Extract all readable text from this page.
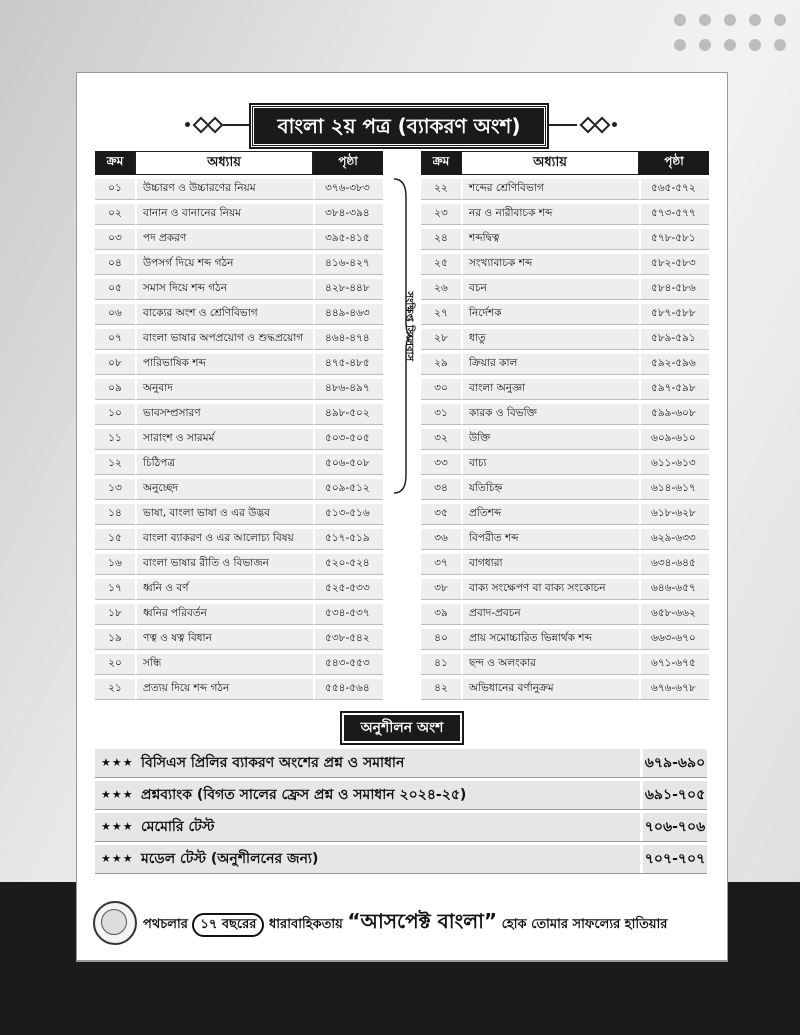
বাংলা ২য় পত্র (ব্যাকরণ অংশ)
ক্রম	অধ্যায়	পৃষ্ঠা
০১	উচ্চারণ ও উচ্চারণের নিয়ম	৩৭৬-৩৮৩
০২	বানান ও বানানের নিয়ম	৩৮৪-৩৯৪
০৩	পদ প্রকরণ	৩৯৫-৪১৫
০৪	উপসর্গ দিয়ে শব্দ গঠন	৪১৬-৪২৭
০৫	সমাস দিয়ে শব্দ গঠন	৪২৮-৪৪৮
০৬	বাক্যের অংশ ও শ্রেণিবিভাগ	৪৪৯-৪৬৩
০৭	বাংলা ভাষার অপপ্রয়োগ ও শুদ্ধপ্রয়োগ	৪৬৪-৪৭৪
০৮	পারিভাষিক শব্দ	৪৭৫-৪৮৫
০৯	অনুবাদ	৪৮৬-৪৯৭
১০	ভাবসম্প্রসারণ	৪৯৮-৫০২
১১	সারাংশ ও সারমর্ম	৫০৩-৫০৫
১২	চিঠিপত্র	৫০৬-৫০৮
১৩	অনুচ্ছেদ	৫০৯-৫১২
১৪	ভাষা, বাংলা ভাষা ও এর উদ্ভব	৫১৩-৫১৬
১৫	বাংলা ব্যাকরণ ও এর আলোচ্য বিষয়	৫১৭-৫১৯
১৬	বাংলা ভাষার রীতি ও বিভাজন	৫২০-৫২৪
১৭	ধ্বনি ও বর্ণ	৫২৫-৫৩৩
১৮	ধ্বনির পরিবর্তন	৫৩৪-৫৩৭
১৯	ণত্ব ও ষত্ব বিধান	৫৩৮-৫৪২
২০	সন্ধি	৫৪৩-৫৫৩
২১	প্রত্যয় দিয়ে শব্দ গঠন	৫৫৪-৫৬৪
সংক্ষিপ্ত সিলেবাস
ক্রম	অধ্যায়	পৃষ্ঠা
২২	শব্দের শ্রেণিবিভাগ	৫৬৫-৫৭২
২৩	নর ও নারীবাচক শব্দ	৫৭৩-৫৭৭
২৪	শব্দদ্বিত্ব	৫৭৮-৫৮১
২৫	সংখ্যাবাচক শব্দ	৫৮২-৫৮৩
২৬	বচন	৫৮৪-৫৮৬
২৭	নির্দেশক	৫৮৭-৫৮৮
২৮	ধাতু	৫৮৯-৫৯১
২৯	ক্রিয়ার কাল	৫৯২-৫৯৬
৩০	বাংলা অনুজ্ঞা	৫৯৭-৫৯৮
৩১	কারক ও বিভক্তি	৫৯৯-৬০৮
৩২	উক্তি	৬০৯-৬১০
৩৩	বাচ্য	৬১১-৬১৩
৩৪	যতিচিহ্ন	৬১৪-৬১৭
৩৫	প্রতিশব্দ	৬১৮-৬২৮
৩৬	বিপরীত শব্দ	৬২৯-৬৩৩
৩৭	বাগধারা	৬৩৪-৬৪৫
৩৮	বাক্য সংক্ষেপণ বা বাক্য সংকোচন	৬৪৬-৬৫৭
৩৯	প্রবাদ-প্রবচন	৬৫৮-৬৬২
৪০	প্রায় সমোচ্চারিত ভিন্নার্থক শব্দ	৬৬৩-৬৭০
৪১	ছন্দ ও অলংকার	৬৭১-৬৭৫
৪২	অভিধানের বর্ণানুক্রম	৬৭৬-৬৭৮
অনুশীলন অংশ
★★★ বিসিএস প্রিলির ব্যাকরণ অংশের প্রশ্ন ও সমাধান	৬৭৯-৬৯০
★★★ প্রশ্নব্যাংক (বিগত সালের ফ্রেস প্রশ্ন ও সমাধান ২০২৪-২৫)	৬৯১-৭০৫
★★★ মেমোরি টেস্ট	৭০৬-৭০৬
★★★ মডেল টেস্ট (অনুশীলনের জন্য)	৭০৭-৭০৭
পথচলার ১৭ বছরের ধারাবাহিকতায় “আসপেক্ট বাংলা” হোক তোমার সাফল্যের হাতিয়ার
